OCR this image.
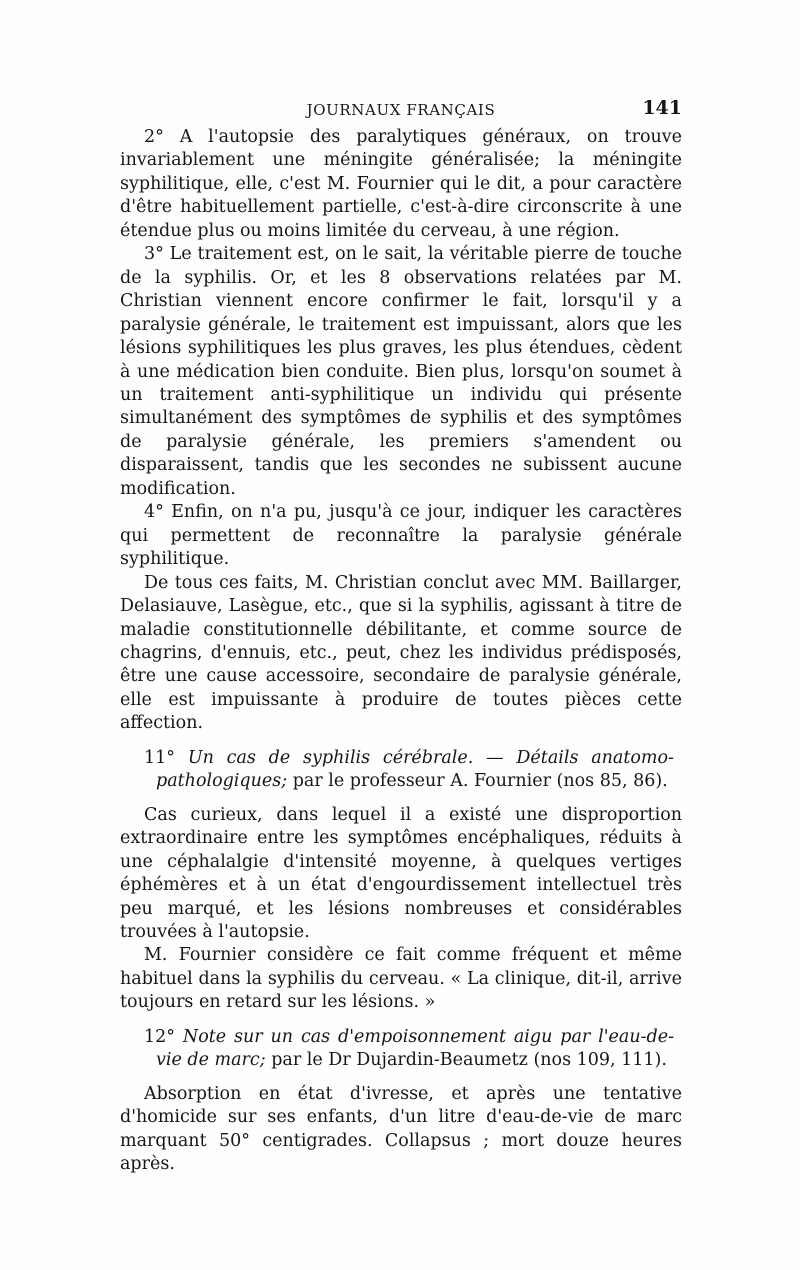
JOURNAUX FRANÇAIS	141

2° A l'autopsie des paralytiques généraux, on trouve invariablement une méningite généralisée; la méningite syphilitique, elle, c'est M. Fournier qui le dit, a pour caractère d'être habituellement partielle, c'est-à-dire circonscrite à une étendue plus ou moins limitée du cerveau, à une région.

3° Le traitement est, on le sait, la véritable pierre de touche de la syphilis. Or, et les 8 observations relatées par M. Christian viennent encore confirmer le fait, lorsqu'il y a paralysie générale, le traitement est impuissant, alors que les lésions syphilitiques les plus graves, les plus étendues, cèdent à une médication bien conduite. Bien plus, lorsqu'on soumet à un traitement anti-syphilitique un individu qui présente simultanément des symptômes de syphilis et des symptômes de paralysie générale, les premiers s'amendent ou disparaissent, tandis que les secondes ne subissent aucune modification.

4° Enfin, on n'a pu, jusqu'à ce jour, indiquer les caractères qui permettent de reconnaître la paralysie générale syphilitique.

De tous ces faits, M. Christian conclut avec MM. Baillarger, Delasiauve, Lasègue, etc., que si la syphilis, agissant à titre de maladie constitutionnelle débilitante, et comme source de chagrins, d'ennuis, etc., peut, chez les individus prédisposés, être une cause accessoire, secondaire de paralysie générale, elle est impuissante à produire de toutes pièces cette affection.

11° Un cas de syphilis cérébrale. — Détails anatomo-pathologiques; par le professeur A. Fournier (nos 85, 86).

Cas curieux, dans lequel il a existé une disproportion extraordinaire entre les symptômes encéphaliques, réduits à une céphalalgie d'intensité moyenne, à quelques vertiges éphémères et à un état d'engourdissement intellectuel très peu marqué, et les lésions nombreuses et considérables trouvées à l'autopsie.

M. Fournier considère ce fait comme fréquent et même habituel dans la syphilis du cerveau. « La clinique, dit-il, arrive toujours en retard sur les lésions. »

12° Note sur un cas d'empoisonnement aigu par l'eau-de-vie de marc; par le Dr Dujardin-Beaumetz (nos 109, 111).

Absorption en état d'ivresse, et après une tentative d'homicide sur ses enfants, d'un litre d'eau-de-vie de marc marquant 50° centigrades. Collapsus ; mort douze heures après.
